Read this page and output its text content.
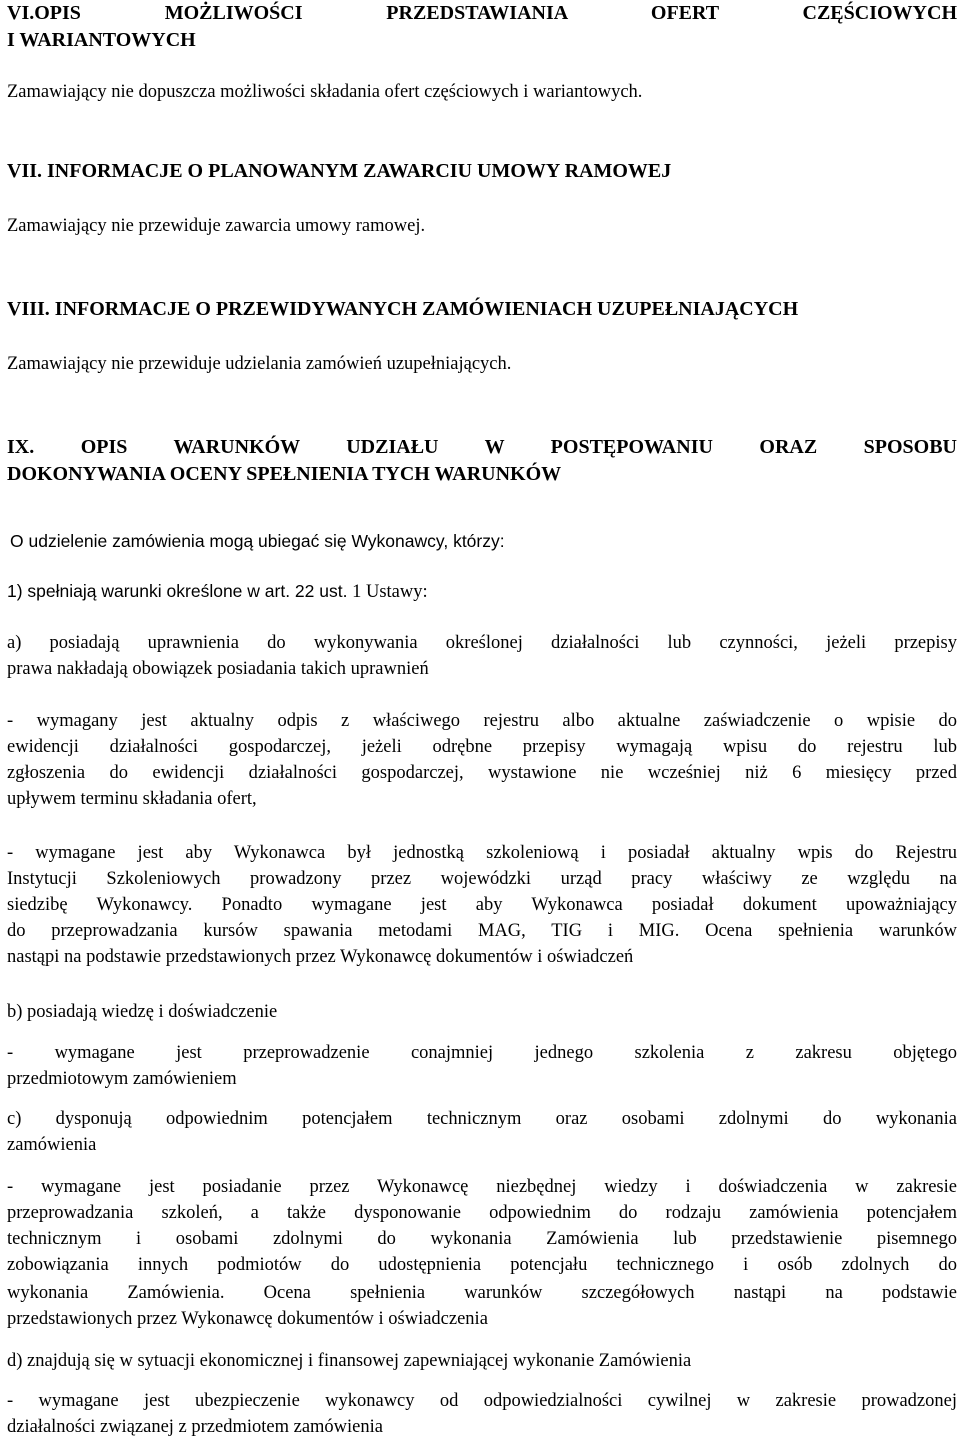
VI.OPIS MOŻLIWOŚCI PRZEDSTAWIANIA OFERT CZĘŚCIOWYCH

I WARIANTOWYCH

Zamawiający nie dopuszcza możliwości składania ofert częściowych i wariantowych.

VII. INFORMACJE O PLANOWANYM ZAWARCIU UMOWY RAMOWEJ

Zamawiający nie przewiduje zawarcia umowy ramowej.

VIII. INFORMACJE O PRZEWIDYWANYCH ZAMÓWIENIACH UZUPEŁNIAJĄCYCH

Zamawiający nie przewiduje udzielania zamówień uzupełniających.

IX. OPIS WARUNKÓW UDZIAŁU W POSTĘPOWANIU ORAZ SPOSOBU

DOKONYWANIA OCENY SPEŁNIENIA TYCH WARUNKÓW

O udzielenie zamówienia mogą ubiegać się Wykonawcy, którzy:

1) spełniają warunki określone w art. 22 ust. 1 Ustawy:

a) posiadają uprawnienia do wykonywania określonej działalności lub czynności, jeżeli przepisy

prawa nakładają obowiązek posiadania takich uprawnień

- wymagany jest aktualny odpis z właściwego rejestru albo aktualne zaświadczenie o wpisie do

ewidencji działalności gospodarczej, jeżeli odrębne przepisy wymagają wpisu do rejestru lub

zgłoszenia do ewidencji działalności gospodarczej, wystawione nie wcześniej niż 6 miesięcy przed

upływem terminu składania ofert,

- wymagane jest aby Wykonawca był jednostką szkoleniową i posiadał aktualny wpis do Rejestru

Instytucji Szkoleniowych prowadzony przez wojewódzki urząd pracy właściwy ze względu na

siedzibę Wykonawcy. Ponadto wymagane jest aby Wykonawca posiadał dokument upoważniający

do przeprowadzania kursów spawania metodami MAG, TIG i MIG. Ocena spełnienia warunków

nastąpi na podstawie przedstawionych przez Wykonawcę dokumentów i oświadczeń

b) posiadają wiedzę i doświadczenie

- wymagane jest przeprowadzenie conajmniej jednego szkolenia z zakresu objętego

przedmiotowym zamówieniem

c) dysponują odpowiednim potencjałem technicznym oraz osobami zdolnymi do wykonania

zamówienia

- wymagane jest posiadanie przez Wykonawcę niezbędnej wiedzy i doświadczenia w zakresie

przeprowadzania szkoleń, a także dysponowanie odpowiednim do rodzaju zamówienia potencjałem

technicznym i osobami zdolnymi do wykonania Zamówienia lub przedstawienie pisemnego

zobowiązania innych podmiotów do udostępnienia potencjału technicznego i osób zdolnych do

wykonania Zamówienia. Ocena spełnienia warunków szczegółowych nastąpi na podstawie

przedstawionych przez Wykonawcę dokumentów i oświadczenia

d) znajdują się w sytuacji ekonomicznej i finansowej zapewniającej wykonanie Zamówienia

- wymagane jest ubezpieczenie wykonawcy od odpowiedzialności cywilnej w zakresie prowadzonej

działalności związanej z przedmiotem zamówienia
